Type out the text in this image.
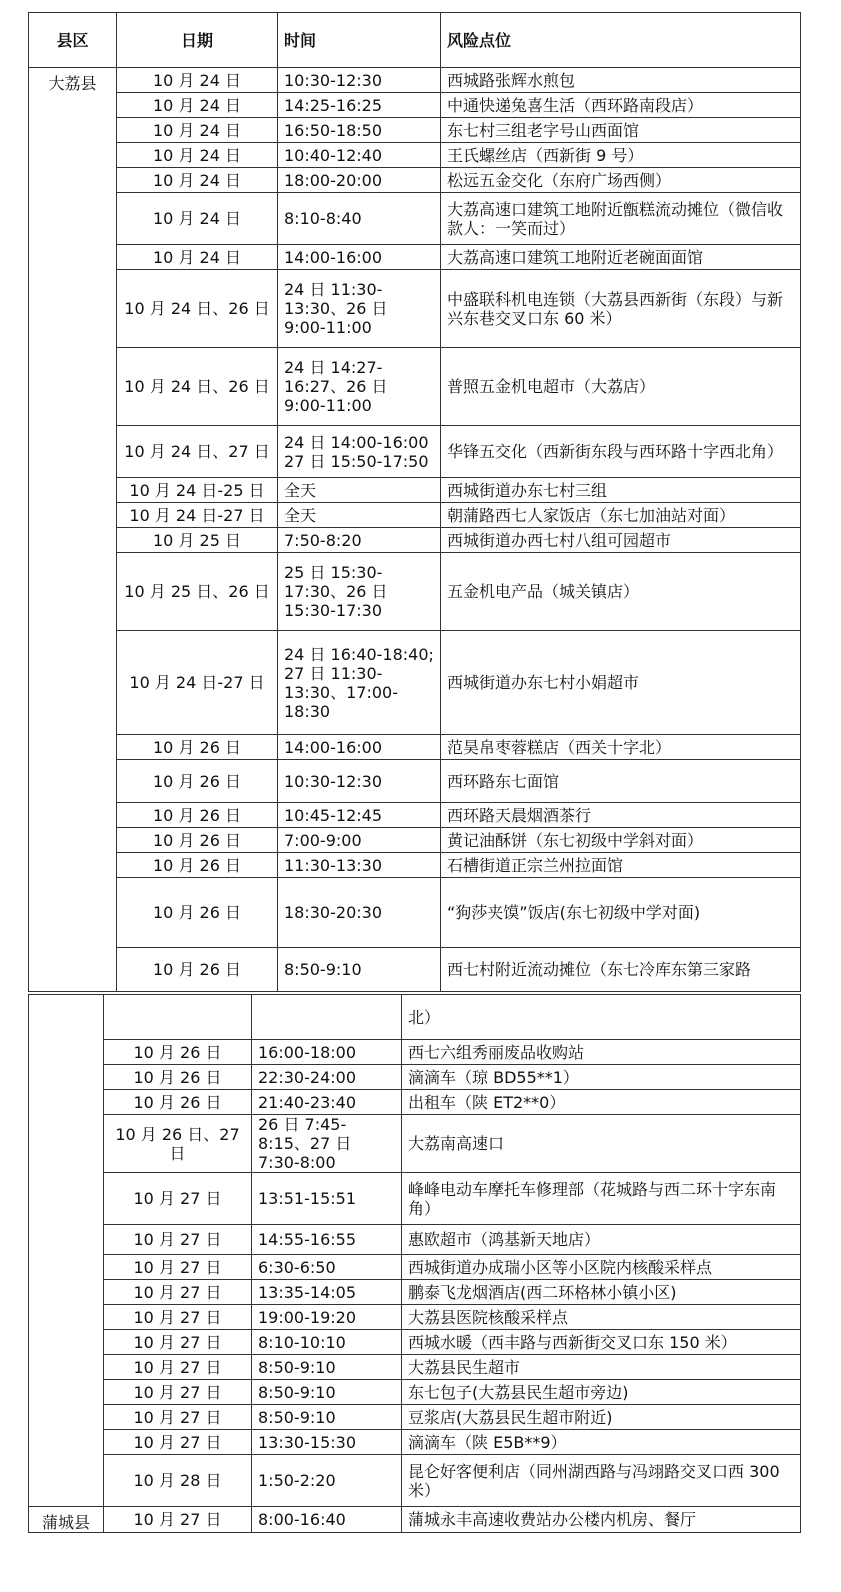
县区	日期	时间	风险点位
大荔县	10 月 24 日	10:30-12:30	西城路张辉水煎包
	10 月 24 日	14:25-16:25	中通快递兔喜生活（西环路南段店）
	10 月 24 日	16:50-18:50	东七村三组老字号山西面馆
	10 月 24 日	10:40-12:40	王氏螺丝店（西新街 9 号）
	10 月 24 日	18:00-20:00	松远五金交化（东府广场西侧）
	10 月 24 日	8:10-8:40	大荔高速口建筑工地附近甑糕流动摊位（微信收款人：一笑而过）
	10 月 24 日	14:00-16:00	大荔高速口建筑工地附近老碗面面馆
	10 月 24 日、26 日	24 日 11:30-13:30、26 日 9:00-11:00	中盛联科机电连锁（大荔县西新街（东段）与新兴东巷交叉口东 60 米）
	10 月 24 日、26 日	24 日 14:27-16:27、26 日 9:00-11:00	普照五金机电超市（大荔店）
	10 月 24 日、27 日	24 日 14:00-16:00 27 日 15:50-17:50	华锋五交化（西新街东段与西环路十字西北角）
	10 月 24 日-25 日	全天	西城街道办东七村三组
	10 月 24 日-27 日	全天	朝蒲路西七人家饭店（东七加油站对面）
	10 月 25 日	7:50-8:20	西城街道办西七村八组可园超市
	10 月 25 日、26 日	25 日 15:30-17:30、26 日 15:30-17:30	五金机电产品（城关镇店）
	10 月 24 日-27 日	24 日 16:40-18:40; 27 日 11:30-13:30、17:00-18:30	西城街道办东七村小娟超市
	10 月 26 日	14:00-16:00	范昊帛枣蓉糕店（西关十字北）
	10 月 26 日	10:30-12:30	西环路东七面馆
	10 月 26 日	10:45-12:45	西环路天晨烟酒茶行
	10 月 26 日	7:00-9:00	黄记油酥饼（东七初级中学斜对面）
	10 月 26 日	11:30-13:30	石槽街道正宗兰州拉面馆
	10 月 26 日	18:30-20:30	“狗莎夹馍”饭店(东七初级中学对面)
	10 月 26 日	8:50-9:10	西七村附近流动摊位（东七冷库东第三家路
			北）
	10 月 26 日	16:00-18:00	西七六组秀丽废品收购站
	10 月 26 日	22:30-24:00	滴滴车（琼 BD55**1）
	10 月 26 日	21:40-23:40	出租车（陕 ET2**0）
	10 月 26 日、27 日	26 日 7:45-8:15、27 日 7:30-8:00	大荔南高速口
	10 月 27 日	13:51-15:51	峰峰电动车摩托车修理部（花城路与西二环十字东南角）
	10 月 27 日	14:55-16:55	惠欧超市（鸿基新天地店）
	10 月 27 日	6:30-6:50	西城街道办成瑞小区等小区院内核酸采样点
	10 月 27 日	13:35-14:05	鹏泰飞龙烟酒店(西二环格林小镇小区)
	10 月 27 日	19:00-19:20	大荔县医院核酸采样点
	10 月 27 日	8:10-10:10	西城水暖（西丰路与西新街交叉口东 150 米）
	10 月 27 日	8:50-9:10	大荔县民生超市
	10 月 27 日	8:50-9:10	东七包子(大荔县民生超市旁边)
	10 月 27 日	8:50-9:10	豆浆店(大荔县民生超市附近)
	10 月 27 日	13:30-15:30	滴滴车（陕 E5B**9）
	10 月 28 日	1:50-2:20	昆仑好客便利店（同州湖西路与冯翊路交叉口西 300 米）
蒲城县	10 月 27 日	8:00-16:40	蒲城永丰高速收费站办公楼内机房、餐厅
